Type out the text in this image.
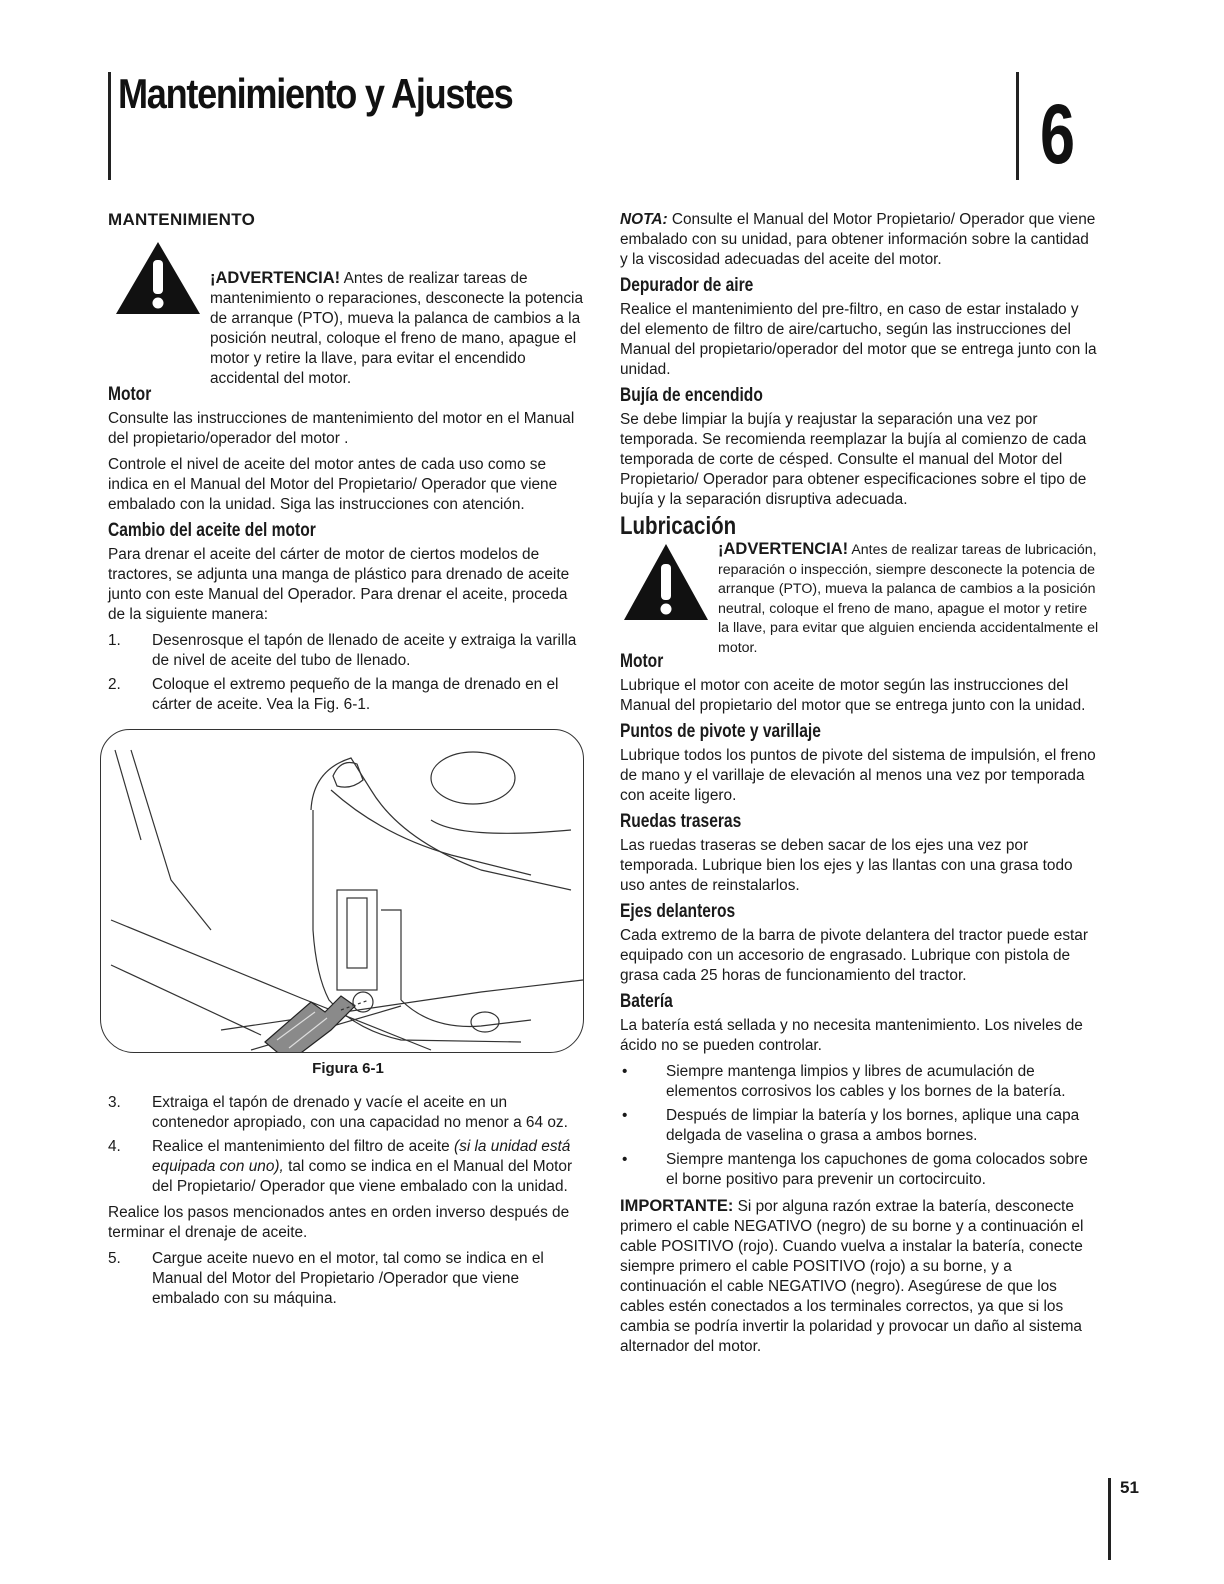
Mantenimiento y Ajustes	6
MANTENIMIENTO
¡ADVERTENCIA! Antes de realizar tareas de mantenimiento o reparaciones, desconecte la potencia de arranque (PTO), mueva la palanca de cambios a la posición neutral, coloque el freno de mano, apague el motor y retire la llave, para evitar el encendido accidental del motor.
Motor

Consulte las instrucciones de mantenimiento del motor en el Manual del propietario/operador del motor .

Controle el nivel de aceite del motor antes de cada uso como se indica en el Manual del Motor del Propietario/ Operador que viene embalado con la unidad. Siga las instrucciones con atención.

Cambio del aceite del motor

Para drenar el aceite del cárter de motor de ciertos modelos de tractores, se adjunta una manga de plástico para drenado de aceite junto con este Manual del Operador. Para drenar el aceite, proceda de la siguiente manera:

1.	Desenrosque el tapón de llenado de aceite y extraiga la varilla de nivel de aceite del tubo de llenado.
2.	Coloque el extremo pequeño de la manga de drenado en el cárter de aceite. Vea la Fig. 6-1.
Figura 6-1
3.	Extraiga el tapón de drenado y vacíe el aceite en un contenedor apropiado, con una capacidad no menor a 64 oz.
4.	Realice el mantenimiento del filtro de aceite (si la unidad está equipada con uno), tal como se indica en el Manual del Motor del Propietario/ Operador que viene embalado con la unidad.

Realice los pasos mencionados antes en orden inverso después de terminar el drenaje de aceite.

5.	Cargue aceite nuevo en el motor, tal como se indica en el Manual del Motor del Propietario /Operador que viene embalado con su máquina.

NOTA: Consulte el Manual del Motor Propietario/ Operador que viene embalado con su unidad, para obtener información sobre la cantidad y la viscosidad adecuadas del aceite del motor.

Depurador de aire

Realice el mantenimiento del pre-filtro, en caso de estar instalado y del elemento de filtro de aire/cartucho, según las instrucciones del Manual del propietario/operador del motor que se entrega junto con la unidad.

Bujía de encendido

Se debe limpiar la bujía y reajustar la separación una vez por temporada. Se recomienda reemplazar la bujía al comienzo de cada temporada de corte de césped. Consulte el manual del Motor del Propietario/ Operador para obtener especificaciones sobre el tipo de bujía y la separación disruptiva adecuada.

Lubricación
¡ADVERTENCIA! Antes de realizar tareas de lubricación, reparación o inspección, siempre desconecte la potencia de arranque (PTO), mueva la palanca de cambios a la posición neutral, coloque el freno de mano, apague el motor y retire la llave, para evitar que alguien encienda accidentalmente el motor.
Motor

Lubrique el motor con aceite de motor según las instrucciones del Manual del propietario del motor que se entrega junto con la unidad.

Puntos de pivote y varillaje

Lubrique todos los puntos de pivote del sistema de impulsión, el freno de mano y el varillaje de elevación al menos una vez por temporada con aceite ligero.

Ruedas traseras

Las ruedas traseras se deben sacar de los ejes una vez por temporada. Lubrique bien los ejes y las llantas con una grasa todo uso antes de reinstalarlos.

Ejes delanteros

Cada extremo de la barra de pivote delantera del tractor puede estar equipado con un accesorio de engrasado. Lubrique con pistola de grasa cada 25 horas de funcionamiento del tractor.

Batería

La batería está sellada y no necesita mantenimiento. Los niveles de ácido no se pueden controlar.

•	Siempre mantenga limpios y libres de acumulación de elementos corrosivos los cables y los bornes de la batería.
•	Después de limpiar la batería y los bornes, aplique una capa delgada de vaselina o grasa a ambos bornes.
•	Siempre mantenga los capuchones de goma colocados sobre el borne positivo para prevenir un cortocircuito.

IMPORTANTE: Si por alguna razón extrae la batería, desconecte primero el cable NEGATIVO (negro) de su borne y a continuación el cable POSITIVO (rojo). Cuando vuelva a instalar la batería, conecte siempre primero el cable POSITIVO (rojo) a su borne, y a continuación el cable NEGATIVO (negro). Asegúrese de que los cables estén conectados a los terminales correctos, ya que si los cambia se podría invertir la polaridad y provocar un daño al sistema alternador del motor.

51
